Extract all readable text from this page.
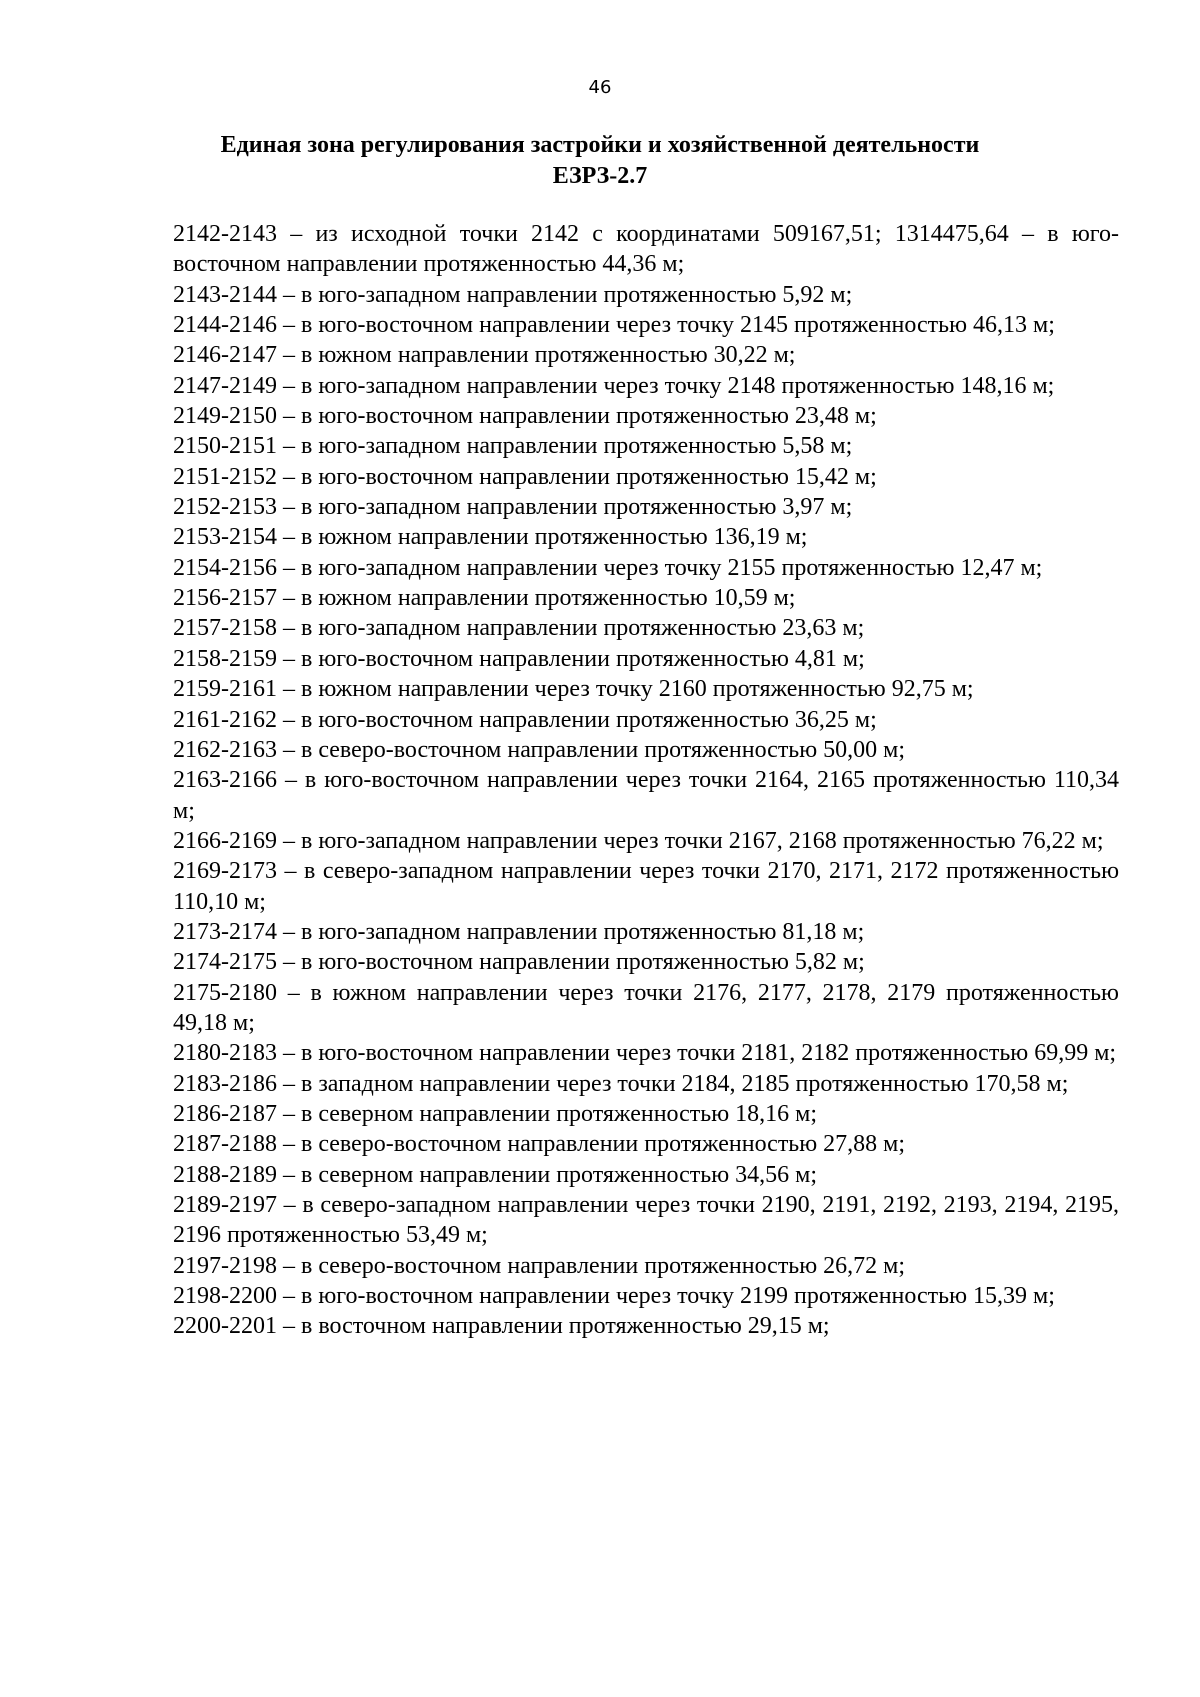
46
Единая зона регулирования застройки и хозяйственной деятельности
ЕЗРЗ-2.7

2142-2143 – из исходной точки 2142 с координатами 509167,51; 1314475,64 – в юго-восточном направлении протяженностью 44,36 м;

2143-2144 – в юго-западном направлении протяженностью 5,92 м;

2144-2146 – в юго-восточном направлении через точку 2145 протяженностью 46,13 м;

2146-2147 – в южном направлении протяженностью 30,22 м;

2147-2149 – в юго-западном направлении через точку 2148 протяженностью 148,16 м;

2149-2150 – в юго-восточном направлении протяженностью 23,48 м;

2150-2151 – в юго-западном направлении протяженностью 5,58 м;

2151-2152 – в юго-восточном направлении протяженностью 15,42 м;

2152-2153 – в юго-западном направлении протяженностью 3,97 м;

2153-2154 – в южном направлении протяженностью 136,19 м;

2154-2156 – в юго-западном направлении через точку 2155 протяженностью 12,47 м;

2156-2157 – в южном направлении протяженностью 10,59 м;

2157-2158 – в юго-западном направлении протяженностью 23,63 м;

2158-2159 – в юго-восточном направлении протяженностью 4,81 м;

2159-2161 – в южном направлении через точку 2160 протяженностью 92,75 м;

2161-2162 – в юго-восточном направлении протяженностью 36,25 м;

2162-2163 – в северо-восточном направлении протяженностью 50,00 м;

2163-2166 – в юго-восточном направлении через точки 2164, 2165 протяженностью 110,34 м;

2166-2169 – в юго-западном направлении через точки 2167, 2168 протяженностью 76,22 м;

2169-2173 – в северо-западном направлении через точки 2170, 2171, 2172 протяженностью 110,10 м;

2173-2174 – в юго-западном направлении протяженностью 81,18 м;

2174-2175 – в юго-восточном направлении протяженностью 5,82 м;

2175-2180 – в южном направлении через точки 2176, 2177, 2178, 2179 протяженностью 49,18 м;

2180-2183 – в юго-восточном направлении через точки 2181, 2182 протяженностью 69,99 м;

2183-2186 – в западном направлении через точки 2184, 2185 протяженностью 170,58 м;

2186-2187 – в северном направлении протяженностью 18,16 м;

2187-2188 – в северо-восточном направлении протяженностью 27,88 м;

2188-2189 – в северном направлении протяженностью 34,56 м;

2189-2197 – в северо-западном направлении через точки 2190, 2191, 2192, 2193, 2194, 2195, 2196 протяженностью 53,49 м;

2197-2198 – в северо-восточном направлении протяженностью 26,72 м;

2198-2200 – в юго-восточном направлении через точку 2199 протяженностью 15,39 м;

2200-2201 – в восточном направлении протяженностью 29,15 м;
